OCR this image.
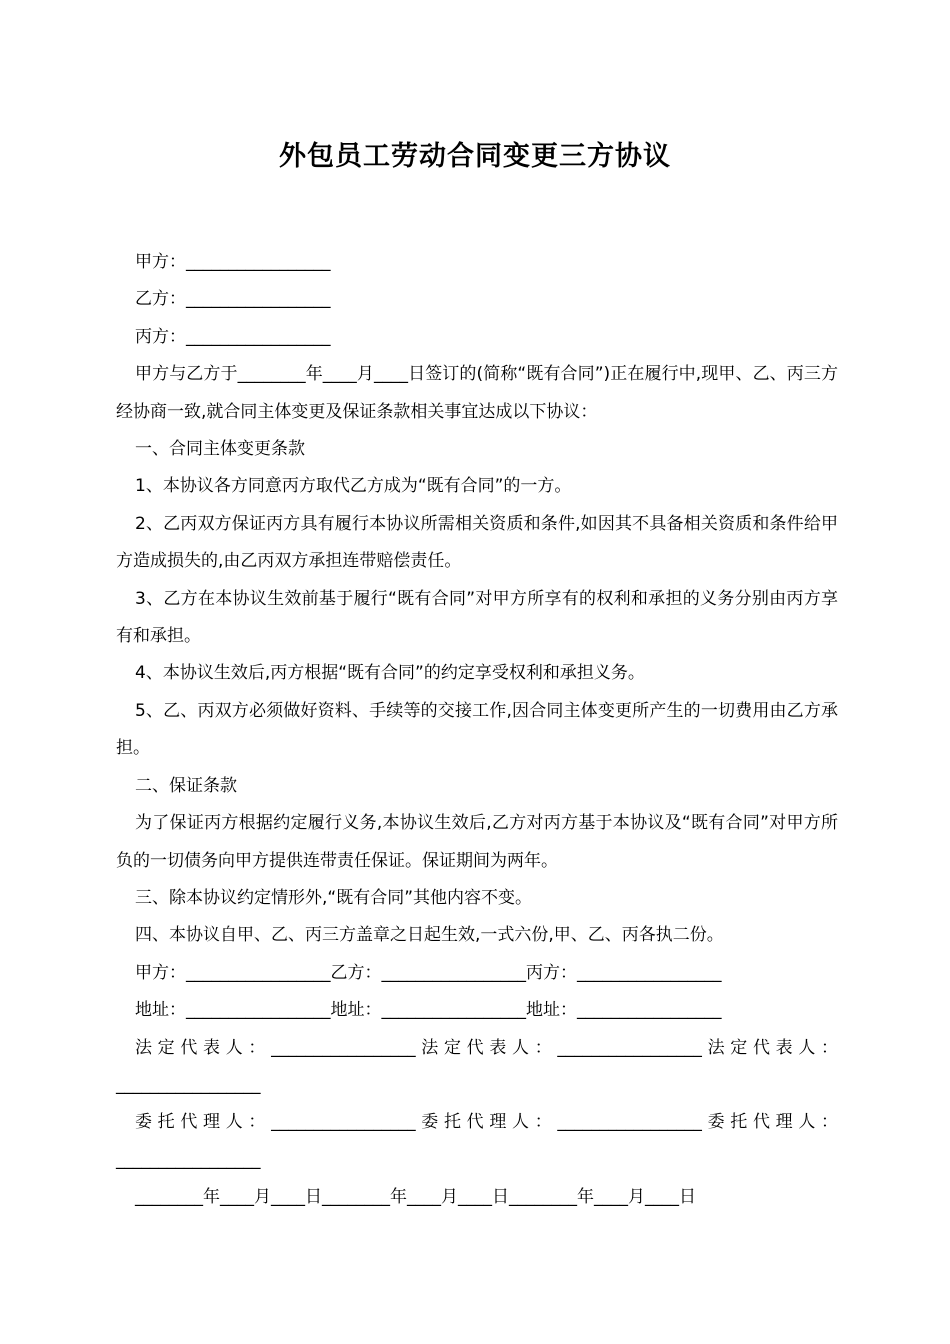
外包员工劳动合同变更三方协议

甲方：_________________

乙方：_________________

丙方：_________________

甲方与乙方于________年____月____日签订的(简称“既有合同”)正在履行中,现甲、乙、丙三方经协商一致,就合同主体变更及保证条款相关事宜达成以下协议：

一、合同主体变更条款

1、本协议各方同意丙方取代乙方成为“既有合同”的一方。

2、乙丙双方保证丙方具有履行本协议所需相关资质和条件,如因其不具备相关资质和条件给甲方造成损失的,由乙丙双方承担连带赔偿责任。

3、乙方在本协议生效前基于履行“既有合同”对甲方所享有的权利和承担的义务分别由丙方享有和承担。

4、本协议生效后,丙方根据“既有合同”的约定享受权利和承担义务。

5、乙、丙双方必须做好资料、手续等的交接工作,因合同主体变更所产生的一切费用由乙方承担。

二、保证条款

为了保证丙方根据约定履行义务,本协议生效后,乙方对丙方基于本协议及“既有合同”对甲方所负的一切债务向甲方提供连带责任保证。保证期间为两年。

三、除本协议约定情形外,“既有合同”其他内容不变。

四、本协议自甲、乙、丙三方盖章之日起生效,一式六份,甲、乙、丙各执二份。

甲方：_________________乙方：_________________丙方：_________________

地址：_________________地址：_________________地址：_________________

法定代表人：_________________法定代表人：_________________法定代表人：_________________

委托代理人：_________________委托代理人：_________________委托代理人：_________________

________年____月____日________年____月____日________年____月____日
